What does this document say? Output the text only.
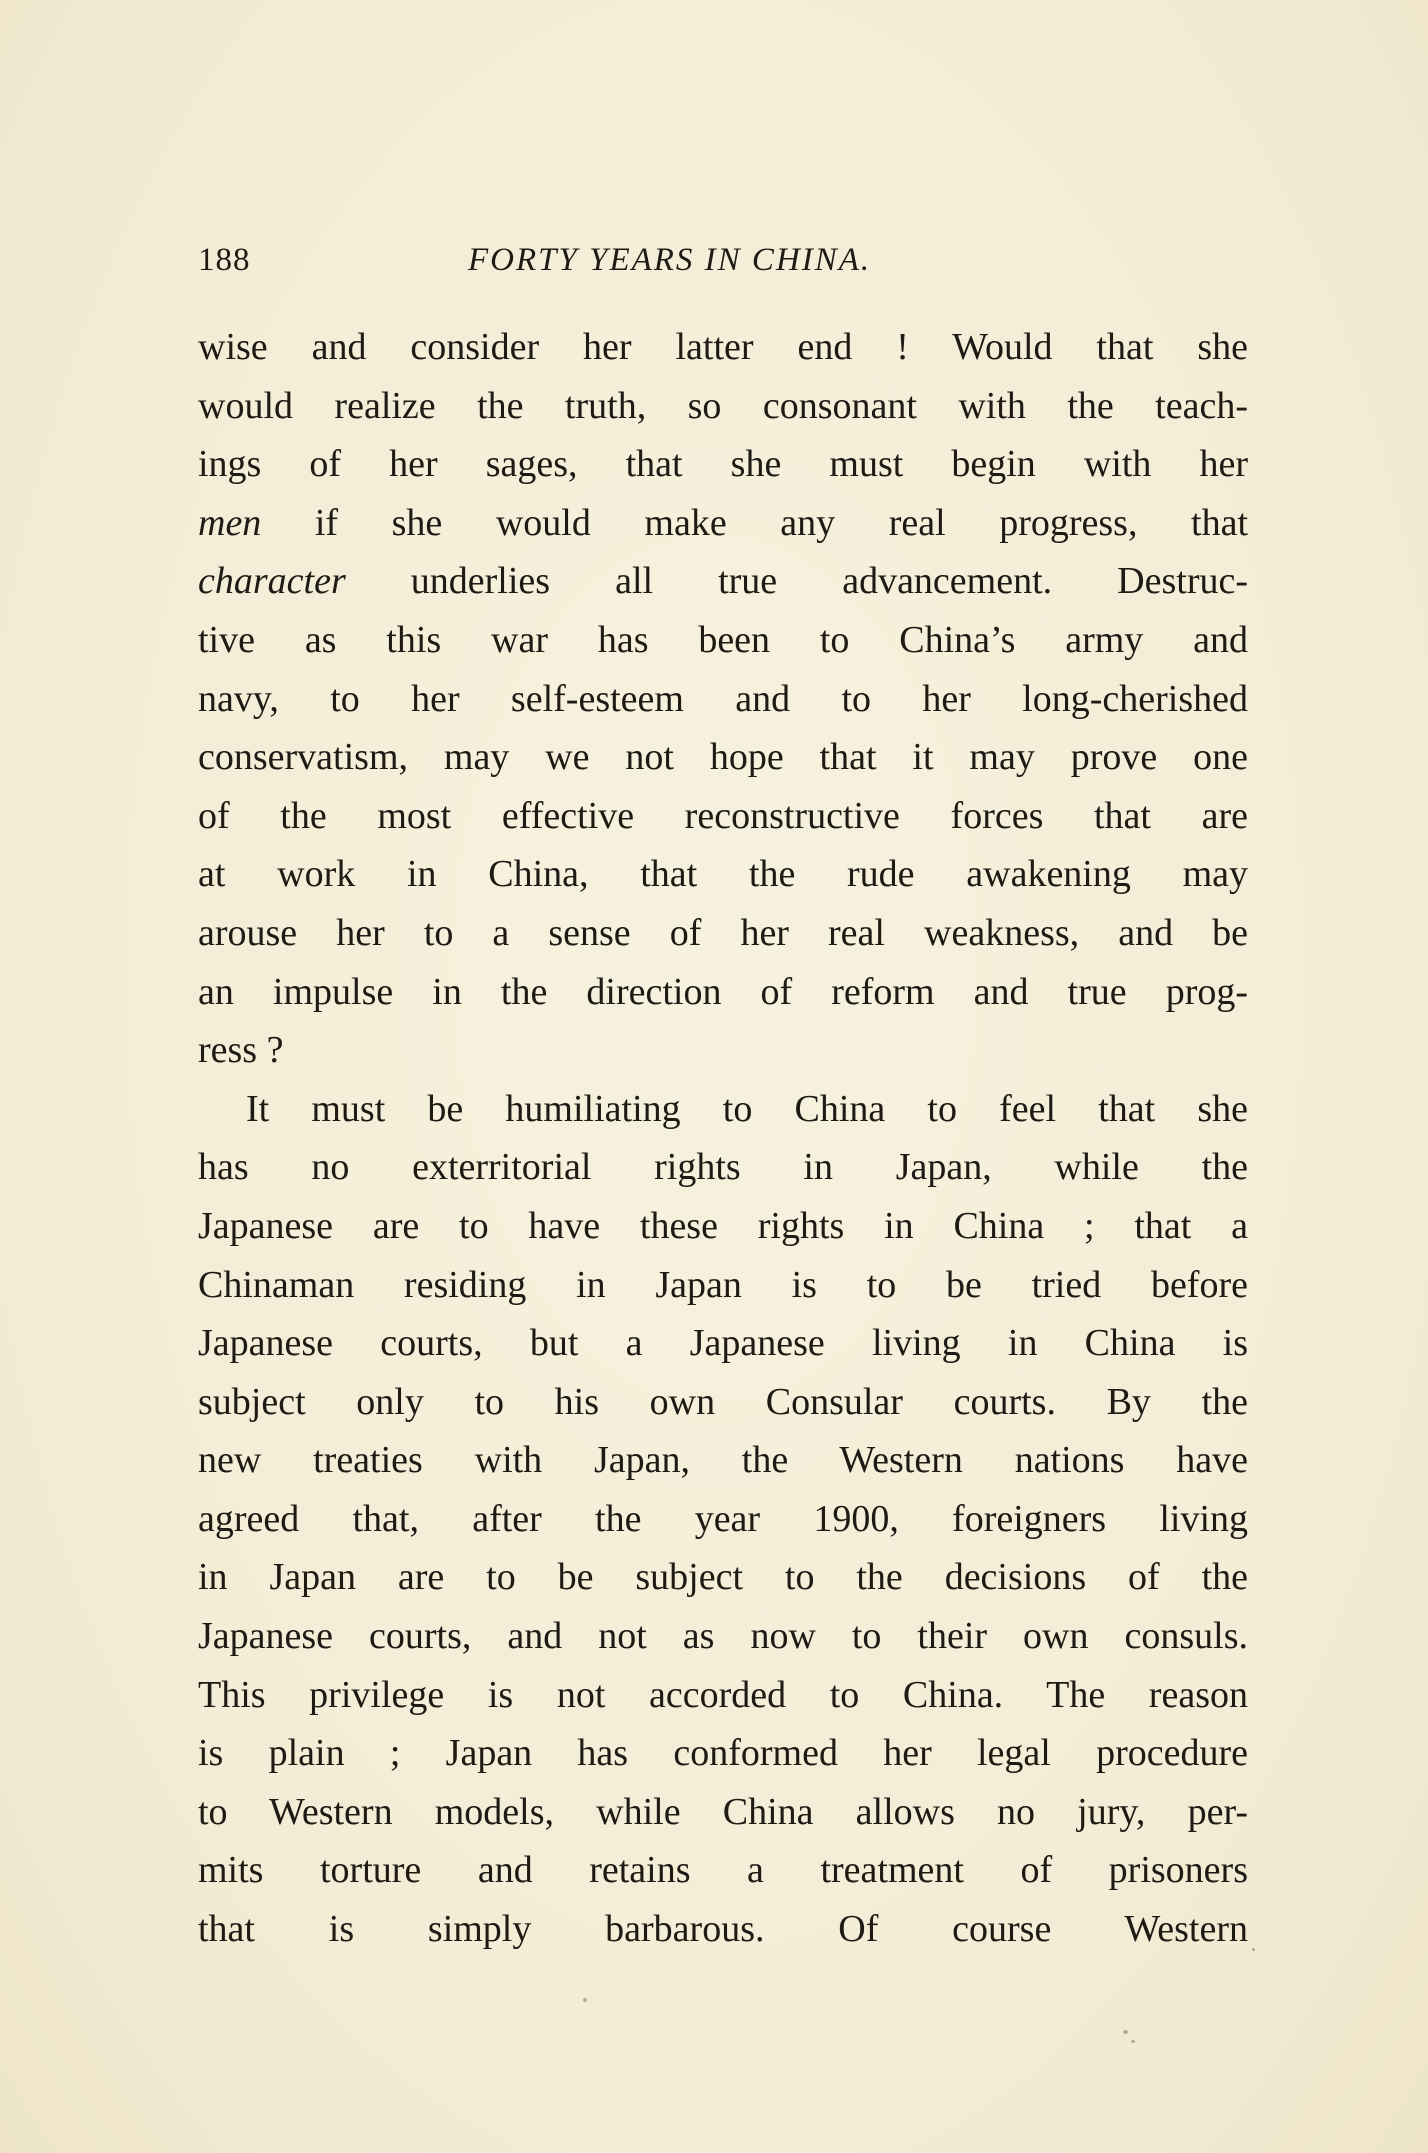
188	FORTY YEARS IN CHINA.
wise and consider her latter end ! Would that she
would realize the truth, so consonant with the teach-
ings of her sages, that she must begin with her
men if she would make any real progress, that
character underlies all true advancement. Destruc-
tive as this war has been to China’s army and
navy, to her self-esteem and to her long-cherished
conservatism, may we not hope that it may prove one
of the most effective reconstructive forces that are
at work in China, that the rude awakening may
arouse her to a sense of her real weakness, and be
an impulse in the direction of reform and true prog-
ress ?
It must be humiliating to China to feel that she
has no exterritorial rights in Japan, while the
Japanese are to have these rights in China ; that a
Chinaman residing in Japan is to be tried before
Japanese courts, but a Japanese living in China is
subject only to his own Consular courts. By the
new treaties with Japan, the Western nations have
agreed that, after the year 1900, foreigners living
in Japan are to be subject to the decisions of the
Japanese courts, and not as now to their own consuls.
This privilege is not accorded to China. The reason
is plain ; Japan has conformed her legal procedure
to Western models, while China allows no jury, per-
mits torture and retains a treatment of prisoners
that is simply barbarous. Of course Western
